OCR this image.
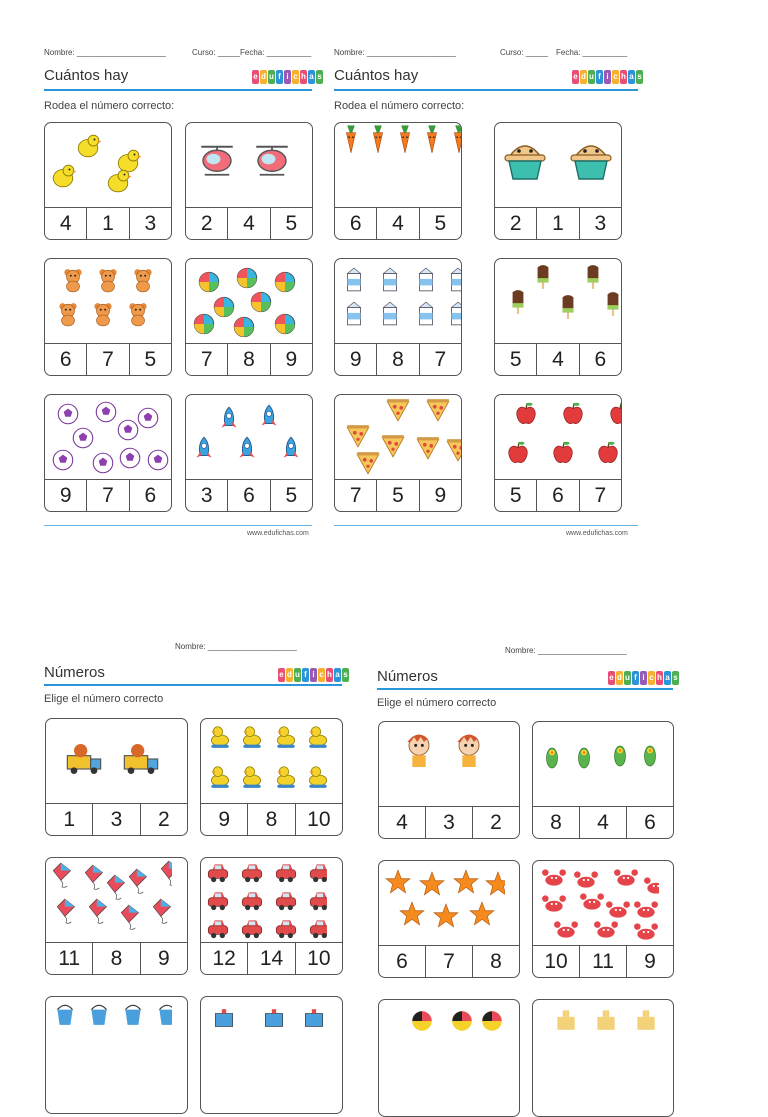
Nombre: ____________________	Curso: _____ Fecha: __________
Cuántos hay	e d u f i c h a s
Rodea el número correcto:
www.edufichas.com
4	1	3	2	4	5
6	7	5	7	8	9
9	7	6	3	6	5
Nombre: ____________________	Curso: _____ Fecha: __________
Cuántos hay	e d u f i c h a s
Rodea el número correcto:
www.edufichas.com
6	4	5	2	1	3
9	8	7	5	4	6
7	5	9	5	6	7
Nombre: ____________________
Números	e d u f i c h a s
Elige el número correcto
1	3	2	9	8	10
11	8	9	12	14	10
Nombre: ____________________
Números	e d u f i c h a s
Elige el número correcto
4	3	2	8	4	6
6	7	8	10	11	9
